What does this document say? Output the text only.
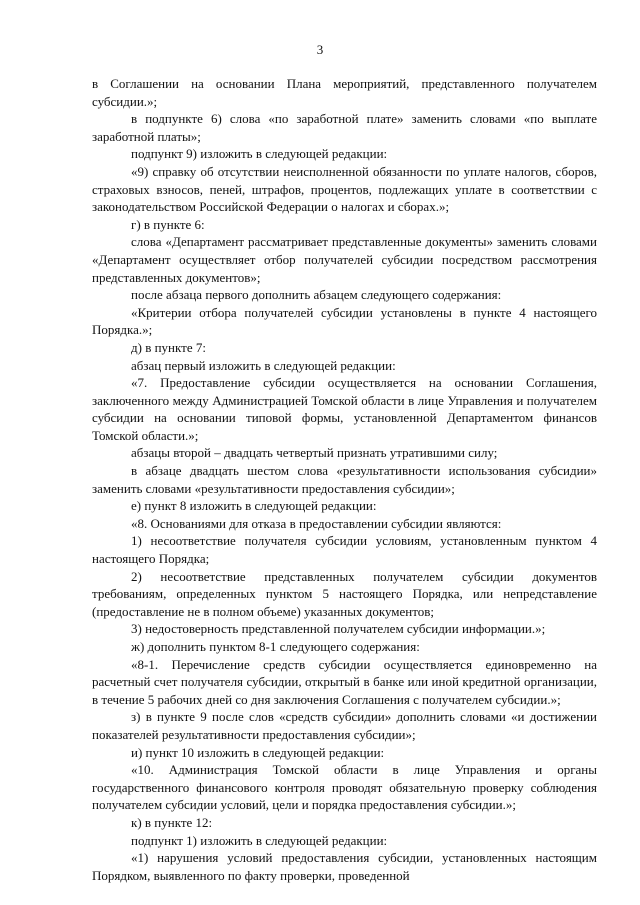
3

в Соглашении на основании Плана мероприятий, представленного получателем субсидии.»;

в подпункте 6) слова «по заработной плате» заменить словами «по выплате заработной платы»;

подпункт 9) изложить в следующей редакции:

«9) справку об отсутствии неисполненной обязанности по уплате налогов, сборов, страховых взносов, пеней, штрафов, процентов, подлежащих уплате в соответствии с законодательством Российской Федерации о налогах и сборах.»;

г) в пункте 6:

слова «Департамент рассматривает представленные документы» заменить словами «Департамент осуществляет отбор получателей субсидии посредством рассмотрения представленных документов»;

после абзаца первого дополнить абзацем следующего содержания:

«Критерии отбора получателей субсидии установлены в пункте 4 настоящего Порядка.»;

д) в пункте 7:

абзац первый изложить в следующей редакции:

«7. Предоставление субсидии осуществляется на основании Соглашения, заключенного между Администрацией Томской области в лице Управления и получателем субсидии на основании типовой формы, установленной Департаментом финансов Томской области.»;

абзацы второй – двадцать четвертый признать утратившими силу;

в абзаце двадцать шестом слова «результативности использования субсидии» заменить словами «результативности предоставления субсидии»;

е) пункт 8 изложить в следующей редакции:

«8. Основаниями для отказа в предоставлении субсидии являются:

1) несоответствие получателя субсидии условиям, установленным пунктом 4 настоящего Порядка;

2) несоответствие представленных получателем субсидии документов требованиям, определенных пунктом 5 настоящего Порядка, или непредставление (предоставление не в полном объеме) указанных документов;

3) недостоверность представленной получателем субсидии информации.»;

ж) дополнить пунктом 8-1 следующего содержания:

«8-1. Перечисление средств субсидии осуществляется единовременно на расчетный счет получателя субсидии, открытый в банке или иной кредитной организации, в течение 5 рабочих дней со дня заключения Соглашения с получателем субсидии.»;

з) в пункте 9 после слов «средств субсидии» дополнить словами «и достижении показателей результативности предоставления субсидии»;

и) пункт 10 изложить в следующей редакции:

«10. Администрация Томской области в лице Управления и органы государственного финансового контроля проводят обязательную проверку соблюдения получателем субсидии условий, цели и порядка предоставления субсидии.»;

к) в пункте 12:

подпункт 1) изложить в следующей редакции:

«1) нарушения условий предоставления субсидии, установленных настоящим Порядком, выявленного по факту проверки, проведенной
